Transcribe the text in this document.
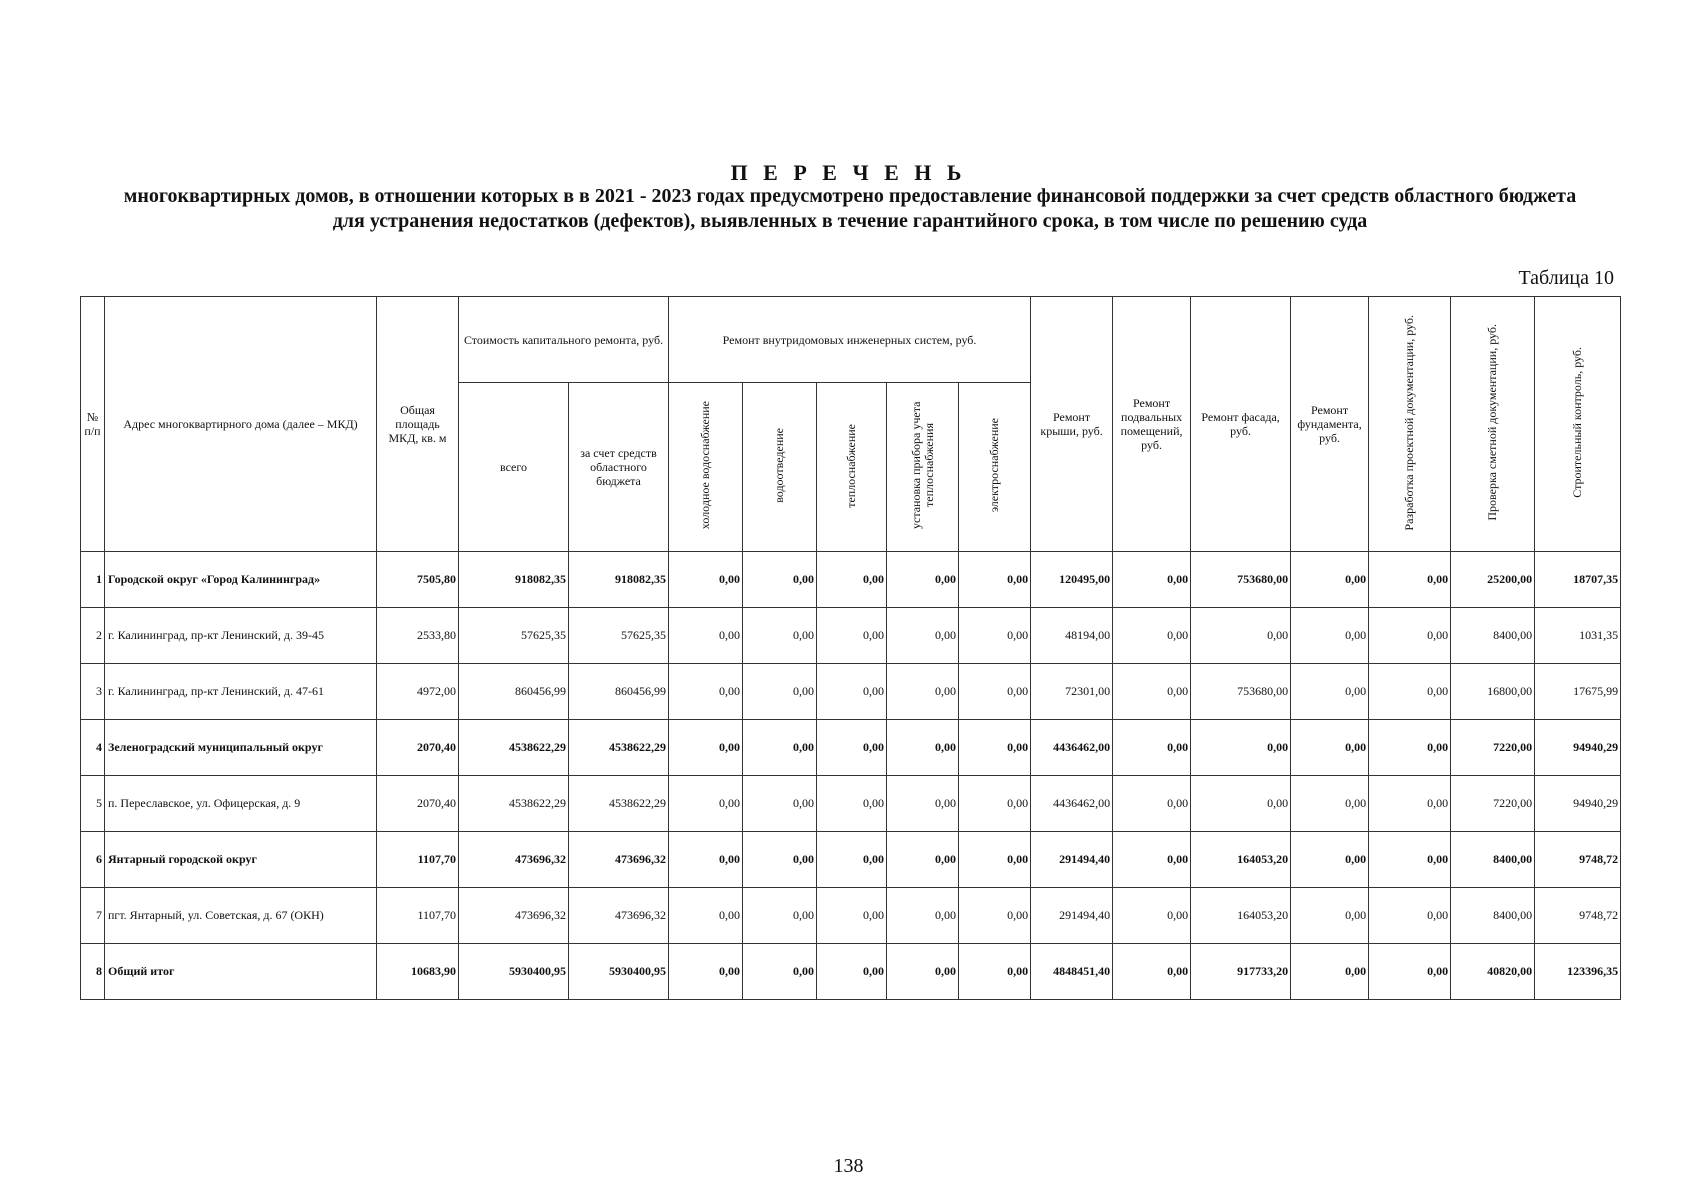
П Е Р Е Ч Е Н Ь
многоквартирных домов, в отношении которых в в 2021 - 2023 годах предусмотрено предоставление финансовой поддержки за счет средств областного бюджета для устранения недостатков (дефектов), выявленных в течение гарантийного срока, в том числе по решению суда
Таблица 10
№ п/п	Адрес многоквартирного дома (далее – МКД)	Общая площадь МКД, кв. м	Стоимость капитального ремонта, руб.		Ремонт внутридомовых инженерных систем, руб.					Ремонт крыши, руб.	Ремонт подвальных помещений, руб.	Ремонт фасада, руб.	Ремонт фундамента, руб.	Разработка проектной документации, руб.	Проверка сметной документации, руб.	Строительный контроль, руб.
			всего	за счет средств областного бюджета	холодное водоснабжение	водоотведение	теплоснабжение	установка прибора учета теплоснабжения	электроснабжение							
1	Городской округ «Город Калининград»	7505,80	918082,35	918082,35	0,00	0,00	0,00	0,00	0,00	120495,00	0,00	753680,00	0,00	0,00	25200,00	18707,35
2	г. Калининград, пр-кт Ленинский, д. 39-45	2533,80	57625,35	57625,35	0,00	0,00	0,00	0,00	0,00	48194,00	0,00	0,00	0,00	0,00	8400,00	1031,35
3	г. Калининград, пр-кт Ленинский, д. 47-61	4972,00	860456,99	860456,99	0,00	0,00	0,00	0,00	0,00	72301,00	0,00	753680,00	0,00	0,00	16800,00	17675,99
4	Зеленоградский муниципальный округ	2070,40	4538622,29	4538622,29	0,00	0,00	0,00	0,00	0,00	4436462,00	0,00	0,00	0,00	0,00	7220,00	94940,29
5	п. Переславское, ул. Офицерская, д. 9	2070,40	4538622,29	4538622,29	0,00	0,00	0,00	0,00	0,00	4436462,00	0,00	0,00	0,00	0,00	7220,00	94940,29
6	Янтарный городской округ	1107,70	473696,32	473696,32	0,00	0,00	0,00	0,00	0,00	291494,40	0,00	164053,20	0,00	0,00	8400,00	9748,72
7	пгт. Янтарный, ул. Советская, д. 67 (ОКН)	1107,70	473696,32	473696,32	0,00	0,00	0,00	0,00	0,00	291494,40	0,00	164053,20	0,00	0,00	8400,00	9748,72
8	Общий итог	10683,90	5930400,95	5930400,95	0,00	0,00	0,00	0,00	0,00	4848451,40	0,00	917733,20	0,00	0,00	40820,00	123396,35
138
